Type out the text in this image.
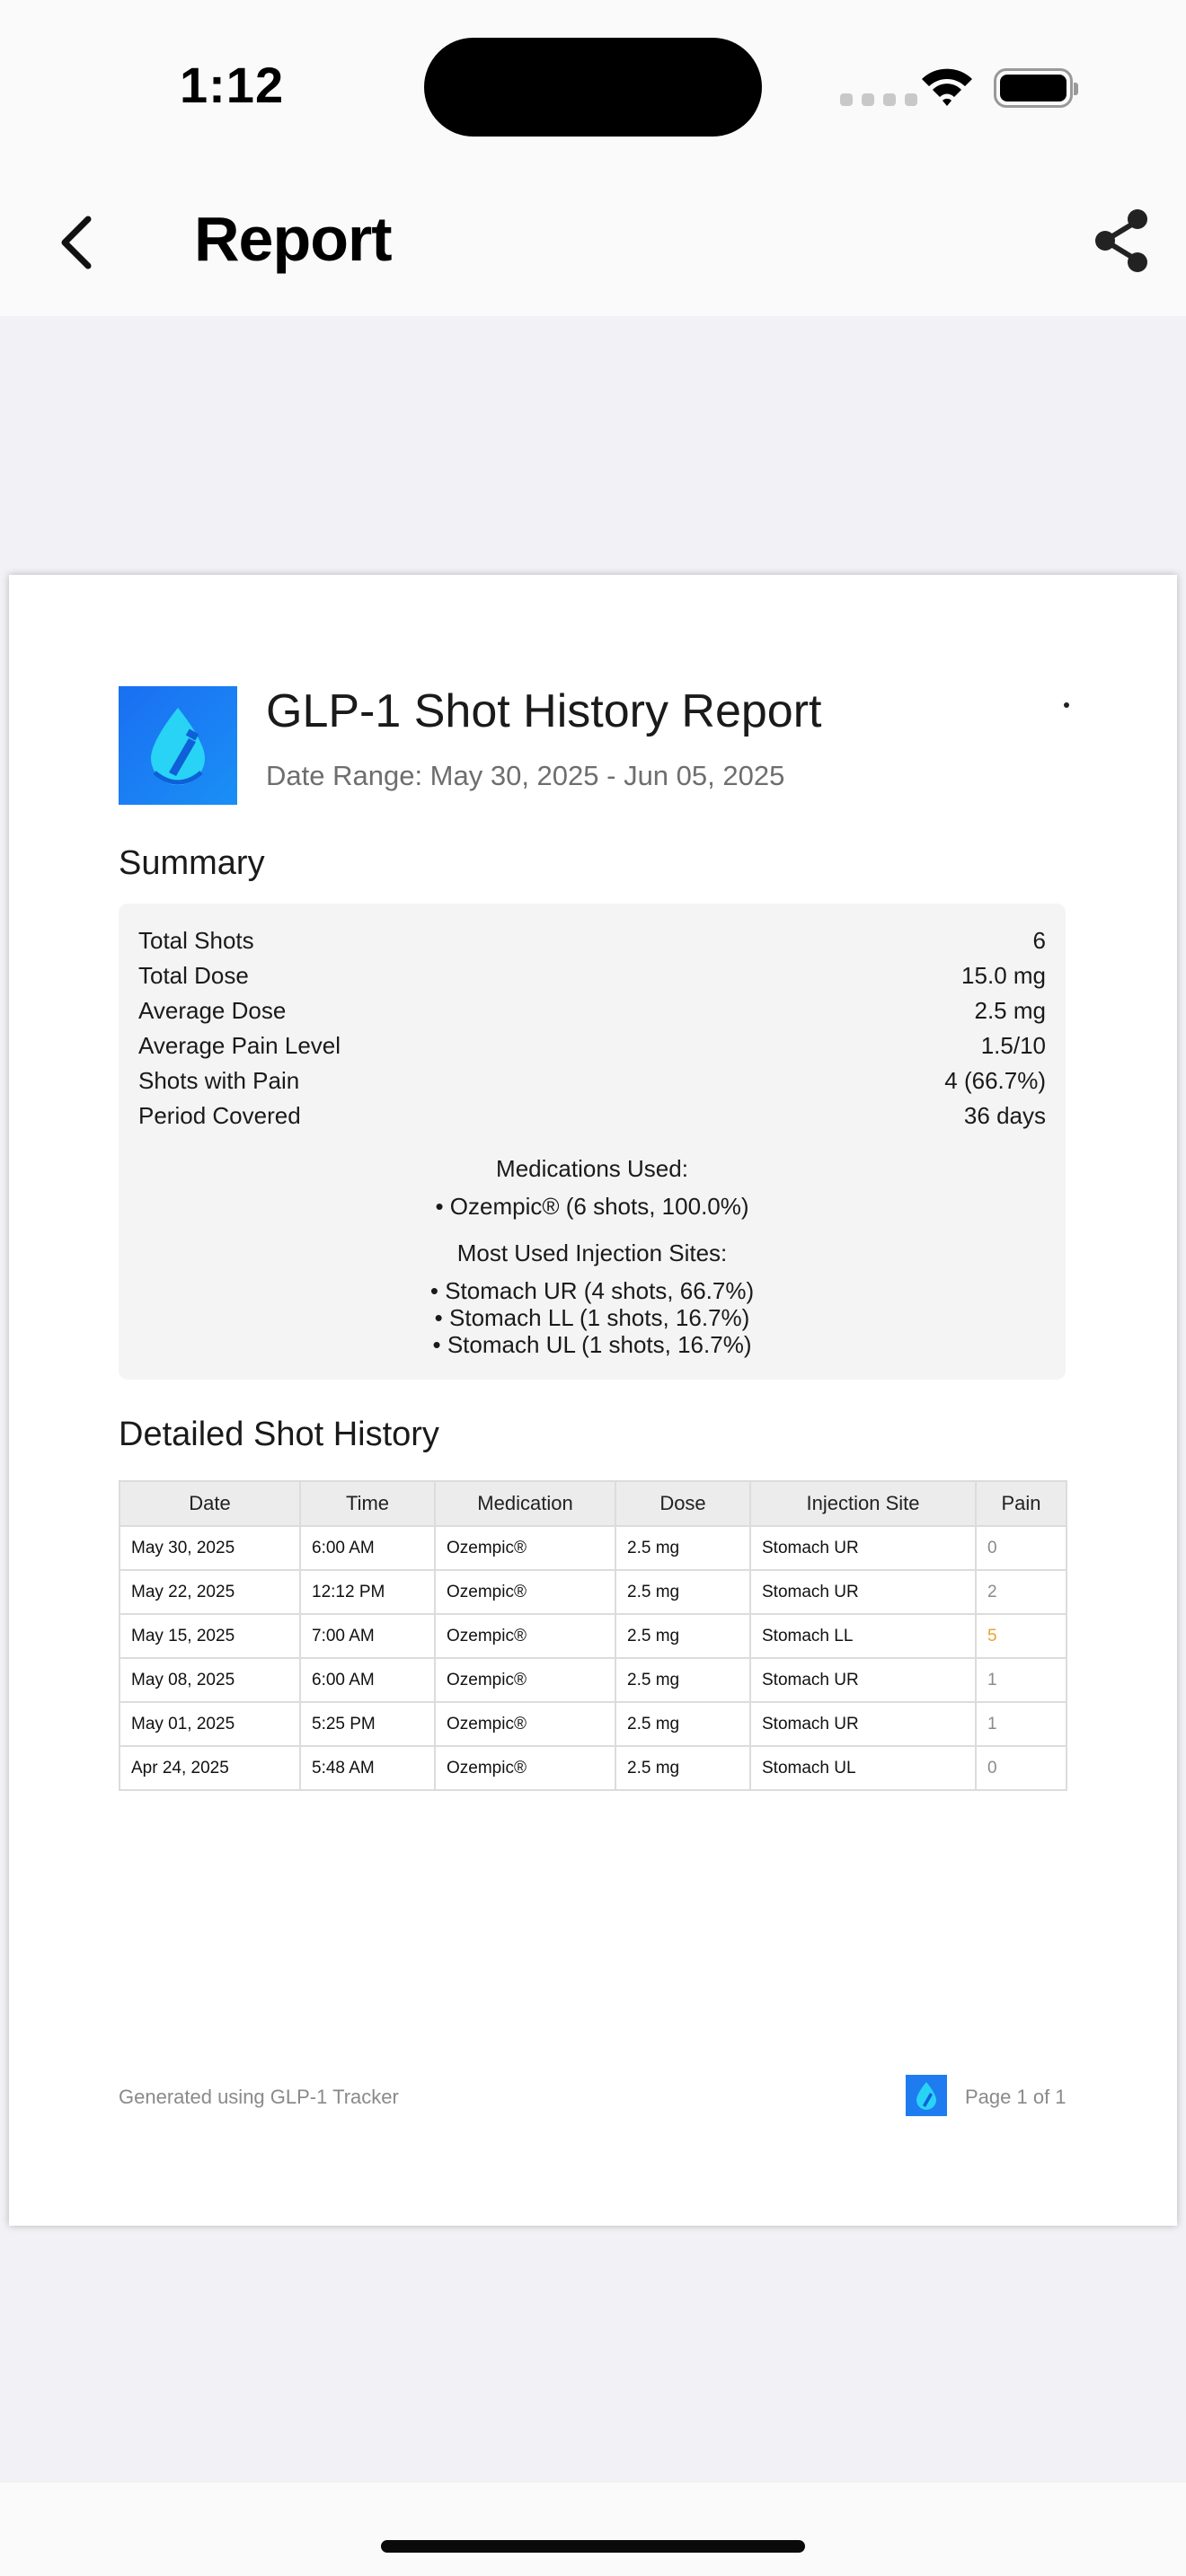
1:12
Report
GLP-1 Shot History Report
Date Range: May 30, 2025 - Jun 05, 2025
Summary
Total Shots	6
Total Dose	15.0 mg
Average Dose	2.5 mg
Average Pain Level	1.5/10
Shots with Pain	4 (66.7%)
Period Covered	36 days
Medications Used:
• Ozempic® (6 shots, 100.0%)
Most Used Injection Sites:
• Stomach UR (4 shots, 66.7%)
• Stomach LL (1 shots, 16.7%)
• Stomach UL (1 shots, 16.7%)
Detailed Shot History
Date	Time	Medication	Dose	Injection Site	Pain
May 30, 2025	6:00 AM	Ozempic®	2.5 mg	Stomach UR	0
May 22, 2025	12:12 PM	Ozempic®	2.5 mg	Stomach UR	2
May 15, 2025	7:00 AM	Ozempic®	2.5 mg	Stomach LL	5
May 08, 2025	6:00 AM	Ozempic®	2.5 mg	Stomach UR	1
May 01, 2025	5:25 PM	Ozempic®	2.5 mg	Stomach UR	1
Apr 24, 2025	5:48 AM	Ozempic®	2.5 mg	Stomach UL	0
Generated using GLP-1 Tracker	Page 1 of 1
